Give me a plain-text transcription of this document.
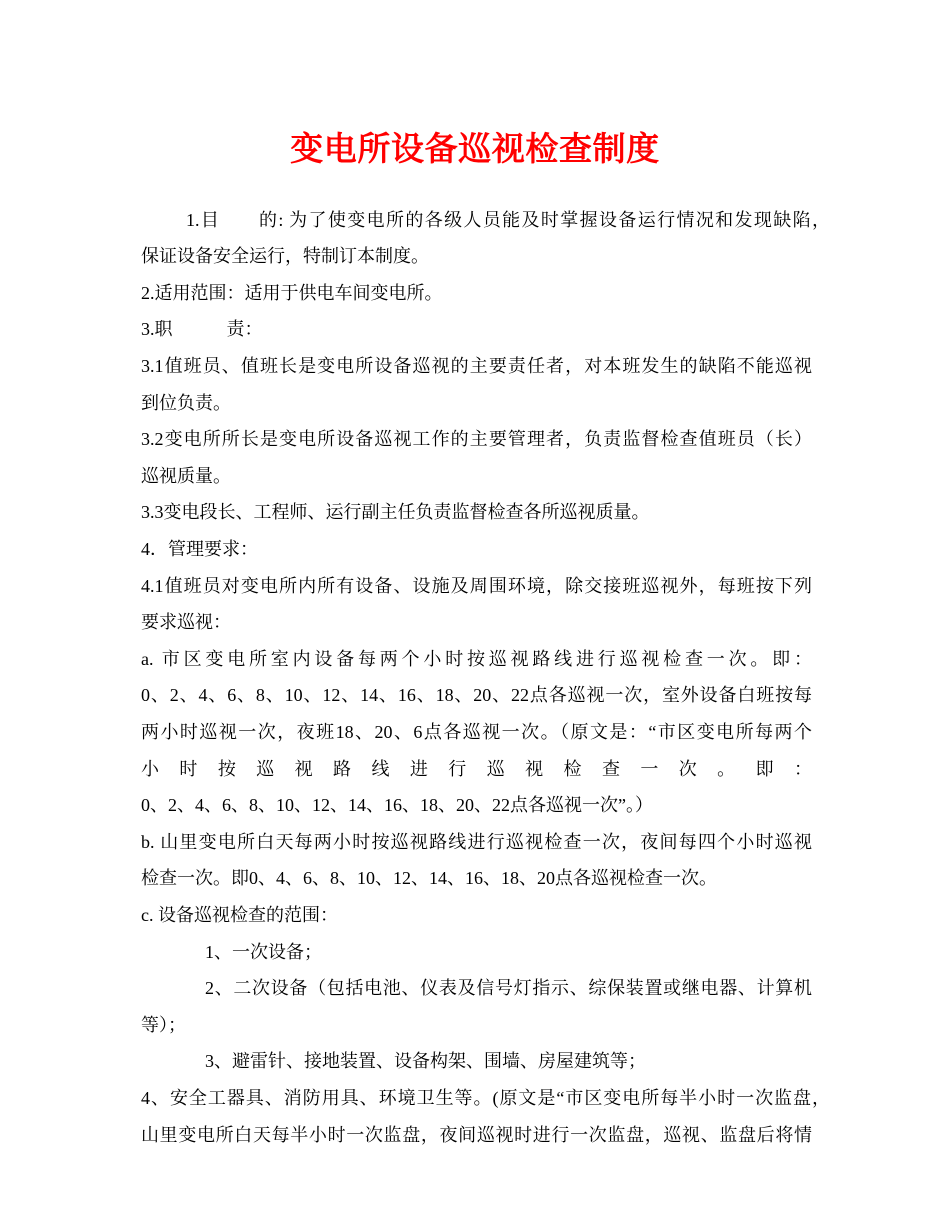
变电所设备巡视检查制度
1.目　　的: 为了使变电所的各级人员能及时掌握设备运行情况和发现缺陷，
保证设备安全运行，特制订本制度。
2.适用范围：适用于供电车间变电所。
3.职　　　责：
3.1值班员、值班长是变电所设备巡视的主要责任者，对本班发生的缺陷不能巡视
到位负责。
3.2变电所所长是变电所设备巡视工作的主要管理者，负责监督检查值班员（长）
巡视质量。
3.3变电段长、工程师、运行副主任负责监督检查各所巡视质量。
4．管理要求：
4.1值班员对变电所内所有设备、设施及周围环境，除交接班巡视外，每班按下列
要求巡视：
a. 市区变电所室内设备每两个小时按巡视路线进行巡视检查一次。即：
0、2、4、6、8、10、12、14、16、18、20、22点各巡视一次，室外设备白班按每
两小时巡视一次，夜班18、20、6点各巡视一次。（原文是：“市区变电所每两个
小时按巡视路线进行巡视检查一次。即：
0、2、4、6、8、10、12、14、16、18、20、22点各巡视一次”。）
b. 山里变电所白天每两小时按巡视路线进行巡视检查一次，夜间每四个小时巡视
检查一次。即0、4、6、8、10、12、14、16、18、20点各巡视检查一次。
c. 设备巡视检查的范围：
1、一次设备；
2、二次设备（包括电池、仪表及信号灯指示、综保装置或继电器、计算机
等）；
3、避雷针、接地装置、设备构架、围墙、房屋建筑等；
4、安全工器具、消防用具、环境卫生等。(原文是“市区变电所每半小时一次监盘，
山里变电所白天每半小时一次监盘，夜间巡视时进行一次监盘，巡视、监盘后将情
